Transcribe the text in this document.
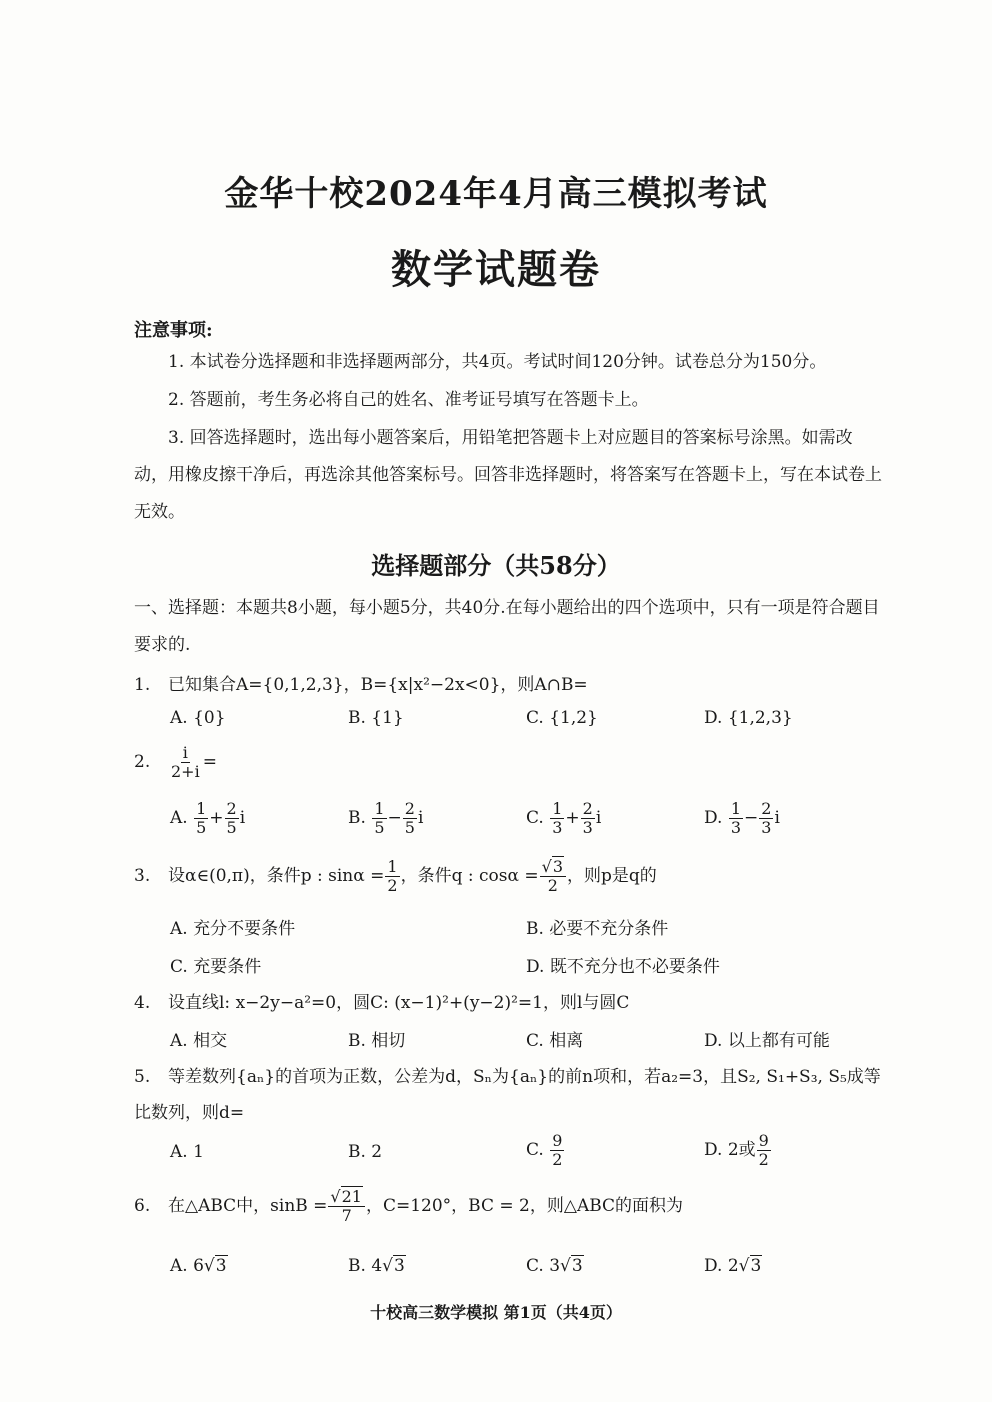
金华十校2024年4月高三模拟考试
数学试题卷
注意事项:
1. 本试卷分选择题和非选择题两部分，共4页。考试时间120分钟。试卷总分为150分。
2. 答题前，考生务必将自己的姓名、准考证号填写在答题卡上。
3. 回答选择题时，选出每小题答案后，用铅笔把答题卡上对应题目的答案标号涂黑。如需改动，用橡皮擦干净后，再选涂其他答案标号。回答非选择题时，将答案写在答题卡上，写在本试卷上无效。
选择题部分（共58分）
一、选择题：本题共8小题，每小题5分，共40分.在每小题给出的四个选项中，只有一项是符合题目要求的.
1. 已知集合A={0,1,2,3}，B={x|x²−2x<0}，则A∩B=
A. {0}	B. {1}	C. {1,2}	D. {1,2,3}
2. $\frac{i}{2+i}$ =
A. $\frac{1}{5} + \frac{2}{5}$ i	B. $\frac{1}{5} - \frac{2}{5}$ i	C. $\frac{1}{3} + \frac{2}{3}$ i	D. $\frac{1}{3} - \frac{2}{3}$ i
3. 设α∈(0,π)，条件p : $\sin\alpha = \frac{1}{2}$ ，条件q : $\cos\alpha = \frac{√3}{2}$ ，则p是q的
A. 充分不要条件	B. 必要不充分条件
C. 充要条件	D. 既不充分也不必要条件
4. 设直线l: x−2y−a²=0，圆C: (x−1)²+(y−2)²=1，则l与圆C
A. 相交	B. 相切	C. 相离	D. 以上都有可能
5. 等差数列{aₙ}的首项为正数，公差为d，Sₙ为{aₙ}的前n项和，若a₂=3，且S₂, S₁+S₃, S₅成等
比数列，则d=
A. 1	B. 2	C. $\frac{9}{2}$	D. 2或 $\frac{9}{2}$
6. 在△ABC中，$\sin B = \frac{√21}{7}$ ，C=120°，BC = 2，则△ABC的面积为
A. 6√3	B. 4√3	C. 3√3	D. 2√3
十校高三数学模拟 第1页（共4页）
